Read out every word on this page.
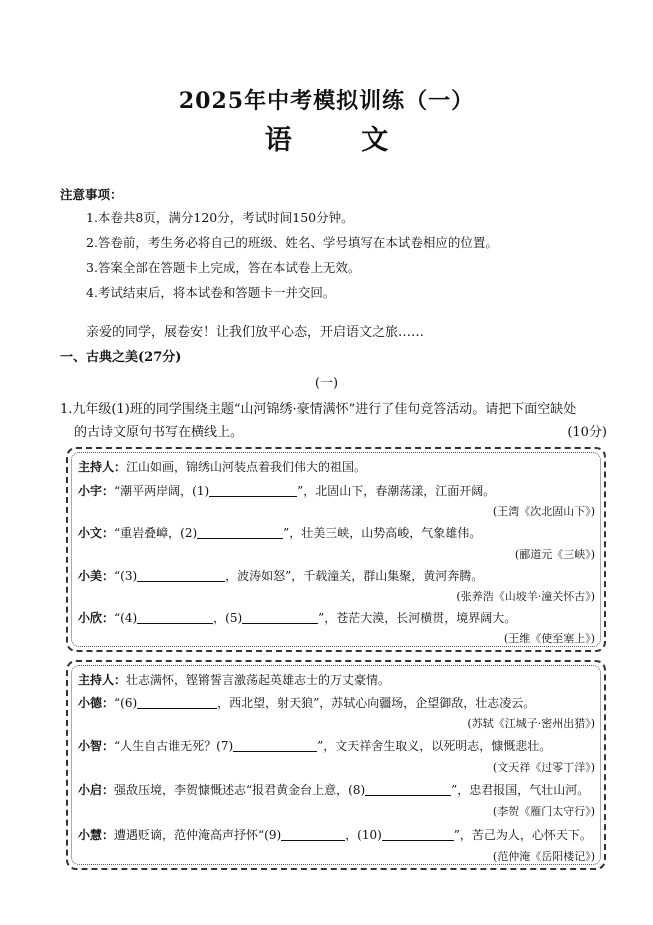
2025年中考模拟训练（一）
语 文
注意事项：
1.本卷共8页，满分120分，考试时间150分钟。
2.答卷前，考生务必将自己的班级、姓名、学号填写在本试卷相应的位置。
3.答案全部在答题卡上完成，答在本试卷上无效。
4.考试结束后，将本试卷和答题卡一并交回。
亲爱的同学，展卷安！让我们放平心态，开启语文之旅……
一、古典之美(27分)
(一)
1.九年级(1)班的同学围绕主题“山河锦绣·豪情满怀”进行了佳句竞答活动。请把下面空缺处
的古诗文原句书写在横线上。	(10分)
主持人：江山如画，锦绣山河装点着我们伟大的祖国。
小宇：“潮平两岸阔，(1)	”，北固山下，春潮荡漾，江面开阔。
(王湾《次北固山下》)
小文：“重岩叠嶂，(2)	”，壮美三峡，山势高峻，气象雄伟。
(郦道元《三峡》)
小美：“(3)	，波涛如怒”，千载潼关，群山集聚，黄河奔腾。
(张养浩《山坡羊·潼关怀古》)
小欣：“(4)	，(5)	”，苍茫大漠，长河横贯，境界阔大。
(王维《使至塞上》)
主持人：壮志满怀，铿锵誓言激荡起英雄志士的万丈豪情。
小德：“(6)	，西北望，射天狼”，苏轼心向疆场，企望御敌，壮志凌云。
(苏轼《江城子·密州出猎》)
小智：“人生自古谁无死？(7)	”，文天祥舍生取义，以死明志，慷慨悲壮。
(文天祥《过零丁洋》)
小启：强敌压境，李贺慷慨述志“报君黄金台上意，(8)	”，忠君报国，气壮山河。
(李贺《雁门太守行》)
小慧：遭遇贬谪，范仲淹高声抒怀“(9)	，(10)	”，苦己为人，心怀天下。
(范仲淹《岳阳楼记》)
